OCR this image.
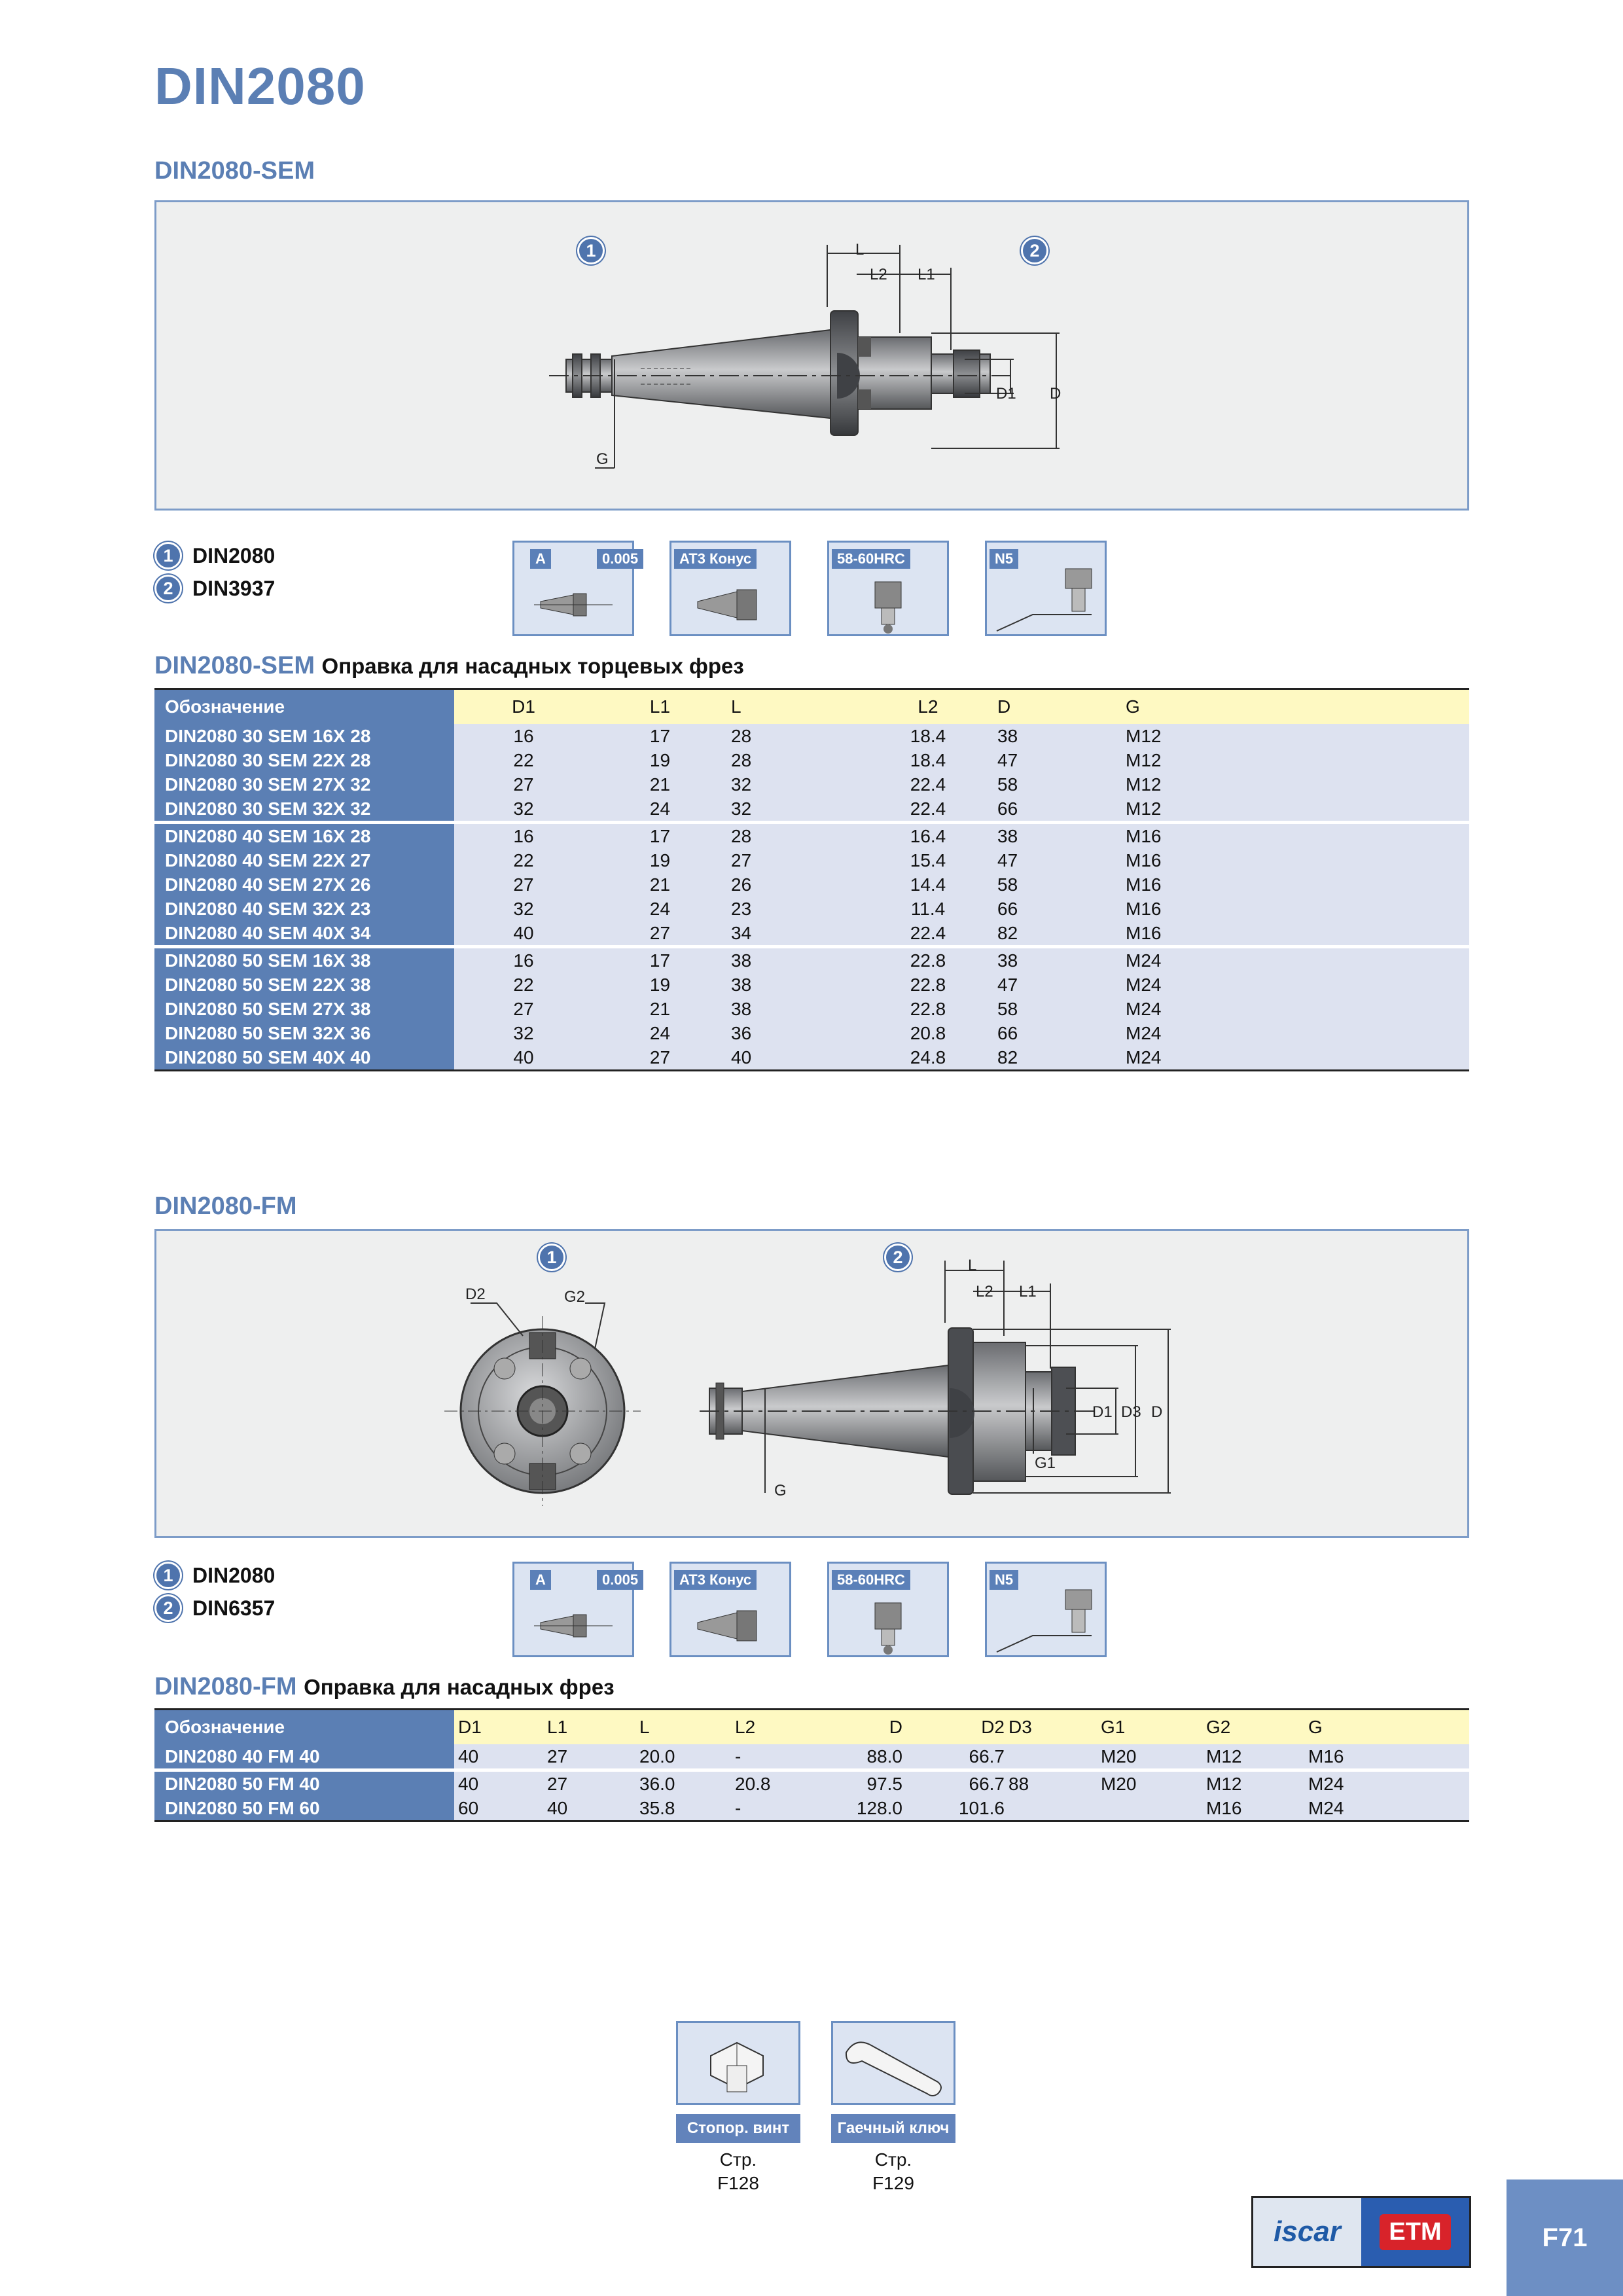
DIN2080
DIN2080-SEM
L
L2 L1
D1 D
G
1	2
1 DIN2080
2 DIN3937
A	0.005	AT3 Конус	58-60HRC	N5
DIN2080-SEM Оправка для насадных торцевых фрез
Обозначение	D1	L1	L	L2	D	G
DIN2080 30 SEM 16X 28	16	17	28	18.4	38	M12
DIN2080 30 SEM 22X 28	22	19	28	18.4	47	M12
DIN2080 30 SEM 27X 32	27	21	32	22.4	58	M12
DIN2080 30 SEM 32X 32	32	24	32	22.4	66	M12
DIN2080 40 SEM 16X 28	16	17	28	16.4	38	M16
DIN2080 40 SEM 22X 27	22	19	27	15.4	47	M16
DIN2080 40 SEM 27X 26	27	21	26	14.4	58	M16
DIN2080 40 SEM 32X 23	32	24	23	11.4	66	M16
DIN2080 40 SEM 40X 34	40	27	34	22.4	82	M16
DIN2080 50 SEM 16X 38	16	17	38	22.8	38	M24
DIN2080 50 SEM 22X 38	22	19	38	22.8	47	M24
DIN2080 50 SEM 27X 38	27	21	38	22.8	58	M24
DIN2080 50 SEM 32X 36	32	24	36	20.8	66	M24
DIN2080 50 SEM 40X 40	40	27	40	24.8	82	M24
DIN2080-FM
D2	G2
L
L2 L1
D1 D3 D
G1
G
1	2
1 DIN2080
2 DIN6357
A	0.005	AT3 Конус	58-60HRC	N5
DIN2080-FM Оправка для насадных фрез
Обозначение	D1	L1	L	L2	D	D2	D3	G1	G2	G
DIN2080 40 FM 40	40	27	20.0	-	88.0	66.7		M20	M12	M16
DIN2080 50 FM 40	40	27	36.0	20.8	97.5	66.7	88	M20	M12	M24
DIN2080 50 FM 60	60	40	35.8	-	128.0	101.6			M16	M24
Стопор. винт
Стр.
F128
Гаечный ключ
Стр.
F129
iscar	ETM	F71
